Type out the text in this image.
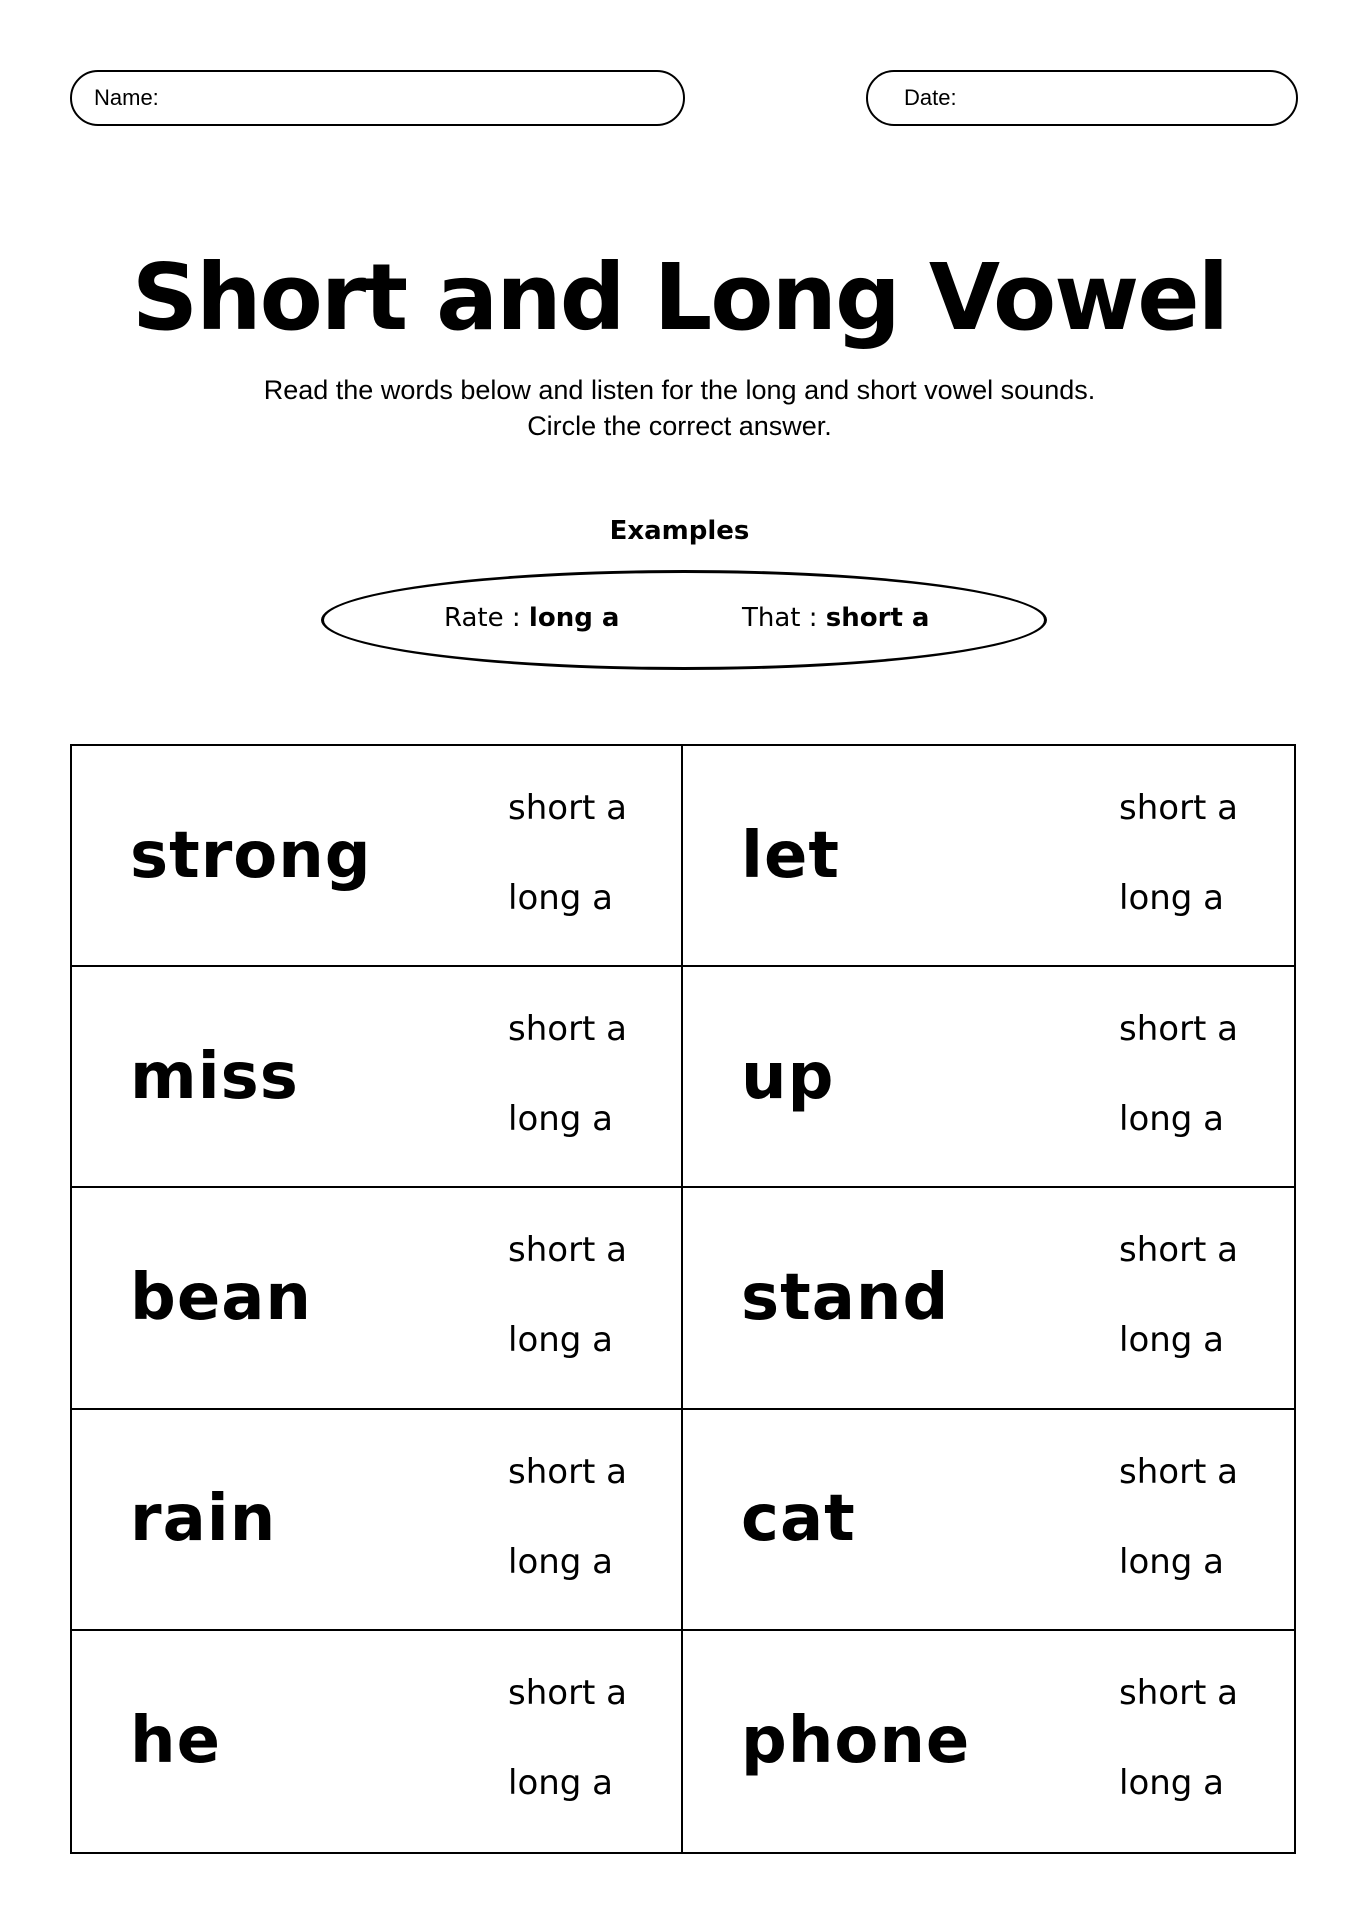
Name:	Date:
Short and Long Vowel
Read the words below and listen for the long and short vowel sounds.
Circle the correct answer.
Examples
Rate : long a	That : short a
strong
short a
long a
let
short a
long a
miss
short a
long a
up
short a
long a
bean
short a
long a
stand
short a
long a
rain
short a
long a
cat
short a
long a
he
short a
long a
phone
short a
long a
